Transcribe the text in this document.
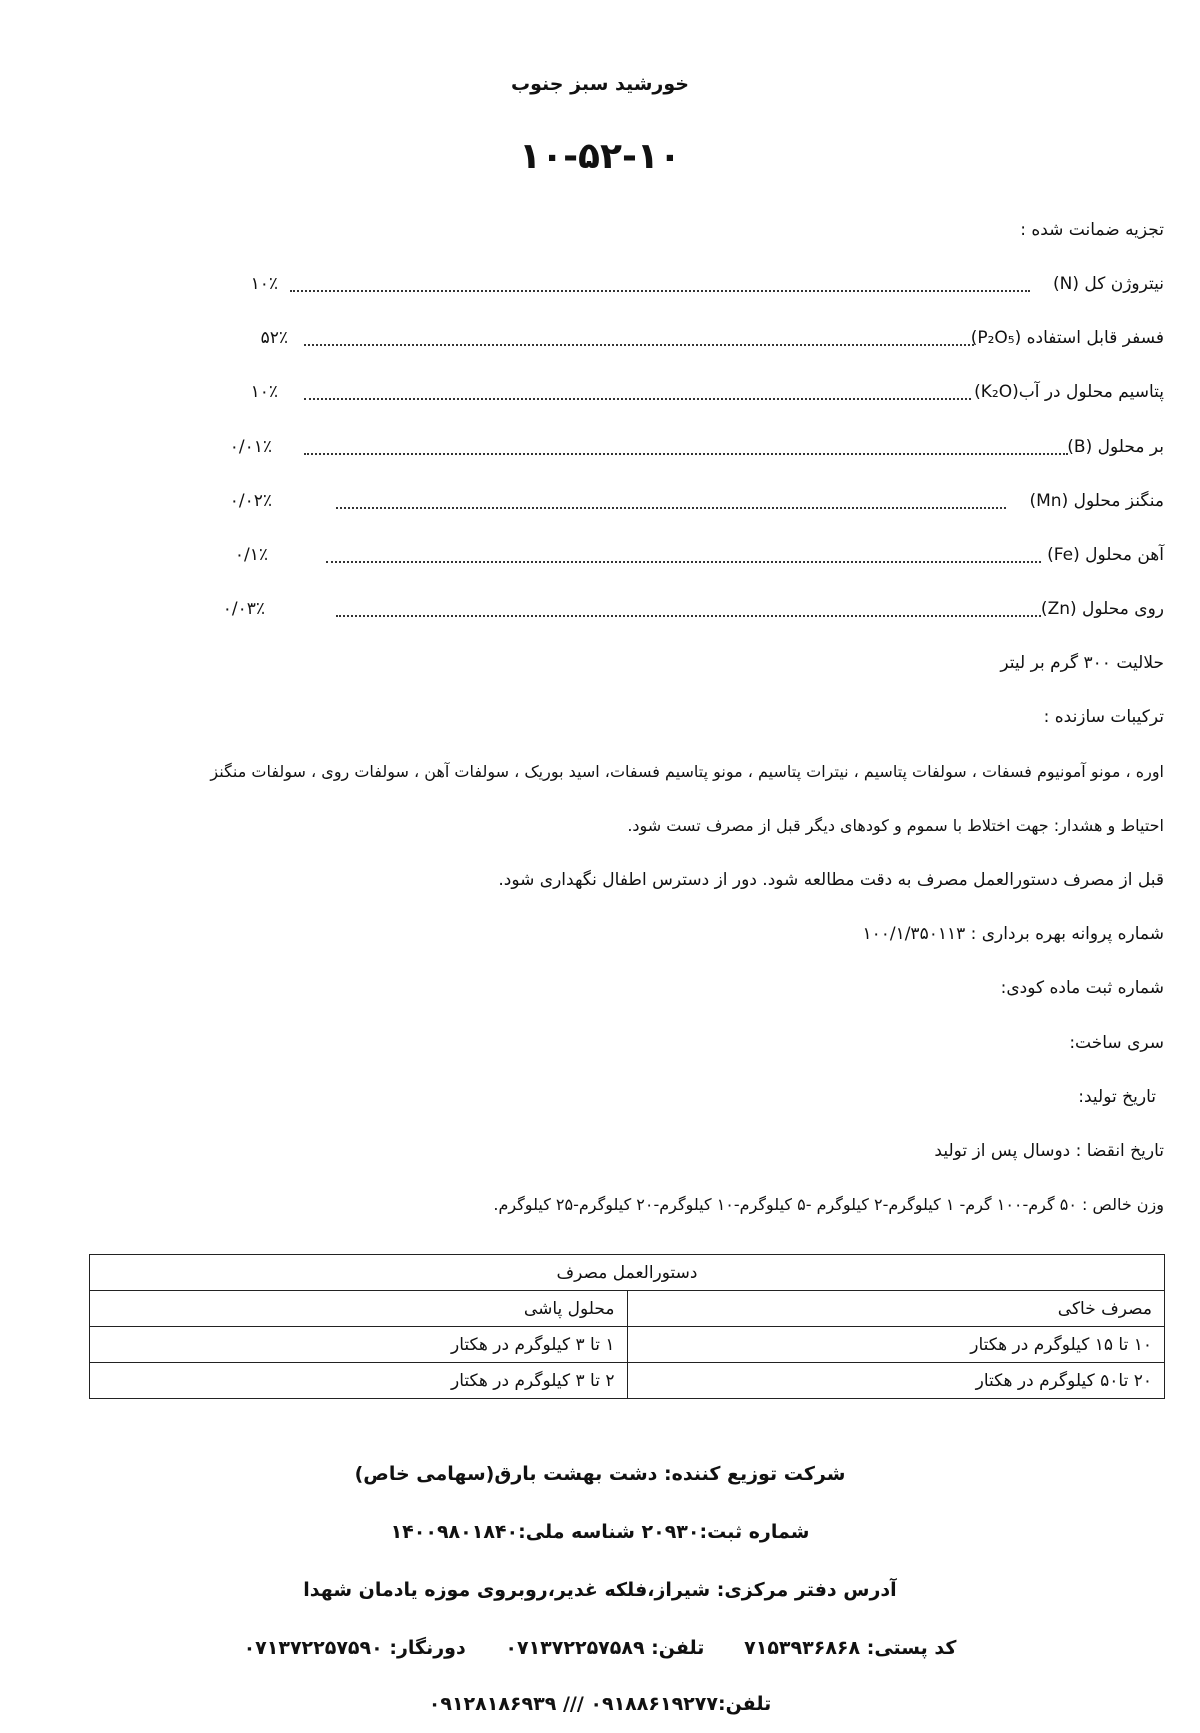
خورشید سبز جنوب
۱۰-۵۲-۱۰
تجزیه ضمانت شده :
نیتروژن کل (N)
۱۰٪
فسفر قابل استفاده (P₂O₅)
۵۲٪
پتاسیم محلول در آب(K₂O)
۱۰٪
بر محلول (B)
۰/۰۱٪
منگنز محلول (Mn)
۰/۰۲٪
آهن محلول (Fe)
۰/۱٪
روی محلول (Zn)
۰/۰۳٪
حلالیت ۳۰۰ گرم بر لیتر
ترکیبات سازنده :
اوره ، مونو آمونیوم فسفات ، سولفات پتاسیم ، نیترات پتاسیم ، مونو پتاسیم فسفات، اسید بوریک ، سولفات آهن ، سولفات روی ، سولفات منگنز
احتیاط و هشدار: جهت اختلاط با سموم و کودهای دیگر قبل از مصرف تست شود.
قبل از مصرف دستورالعمل مصرف به دقت مطالعه شود. دور از دسترس اطفال نگهداری شود.
شماره پروانه بهره برداری : ۱۰۰/۱/۳۵۰۱۱۳
شماره ثبت ماده کودی:
سری ساخت:
تاریخ تولید:
تاریخ انقضا : دوسال پس از تولید
وزن خالص : ۵۰ گرم-۱۰۰ گرم- ۱ کیلوگرم-۲ کیلوگرم -۵ کیلوگرم-۱۰ کیلوگرم-۲۰ کیلوگرم-۲۵ کیلوگرم.
دستورالعمل مصرف	
مصرف خاکی	محلول پاشی
۱۰ تا ۱۵ کیلوگرم در هکتار	۱ تا ۳ کیلوگرم در هکتار
۲۰ تا۵۰ کیلوگرم در هکتار	۲ تا ۳ کیلوگرم در هکتار
شرکت توزیع کننده: دشت بهشت بارق(سهامی خاص)
شماره ثبت:۲۰۹۳۰ شناسه ملی:۱۴۰۰۹۸۰۱۸۴۰
آدرس دفتر مرکزی: شیراز،فلکه غدیر،روبروی موزه یادمان شهدا
کد پستی: ۷۱۵۳۹۳۶۸۶۸      تلفن: ۰۷۱۳۷۲۲۵۷۵۸۹      دورنگار: ۰۷۱۳۷۲۲۵۷۵۹۰
تلفن:۰۹۱۸۸۶۱۹۲۷۷ /// ۰۹۱۲۸۱۸۶۹۳۹
